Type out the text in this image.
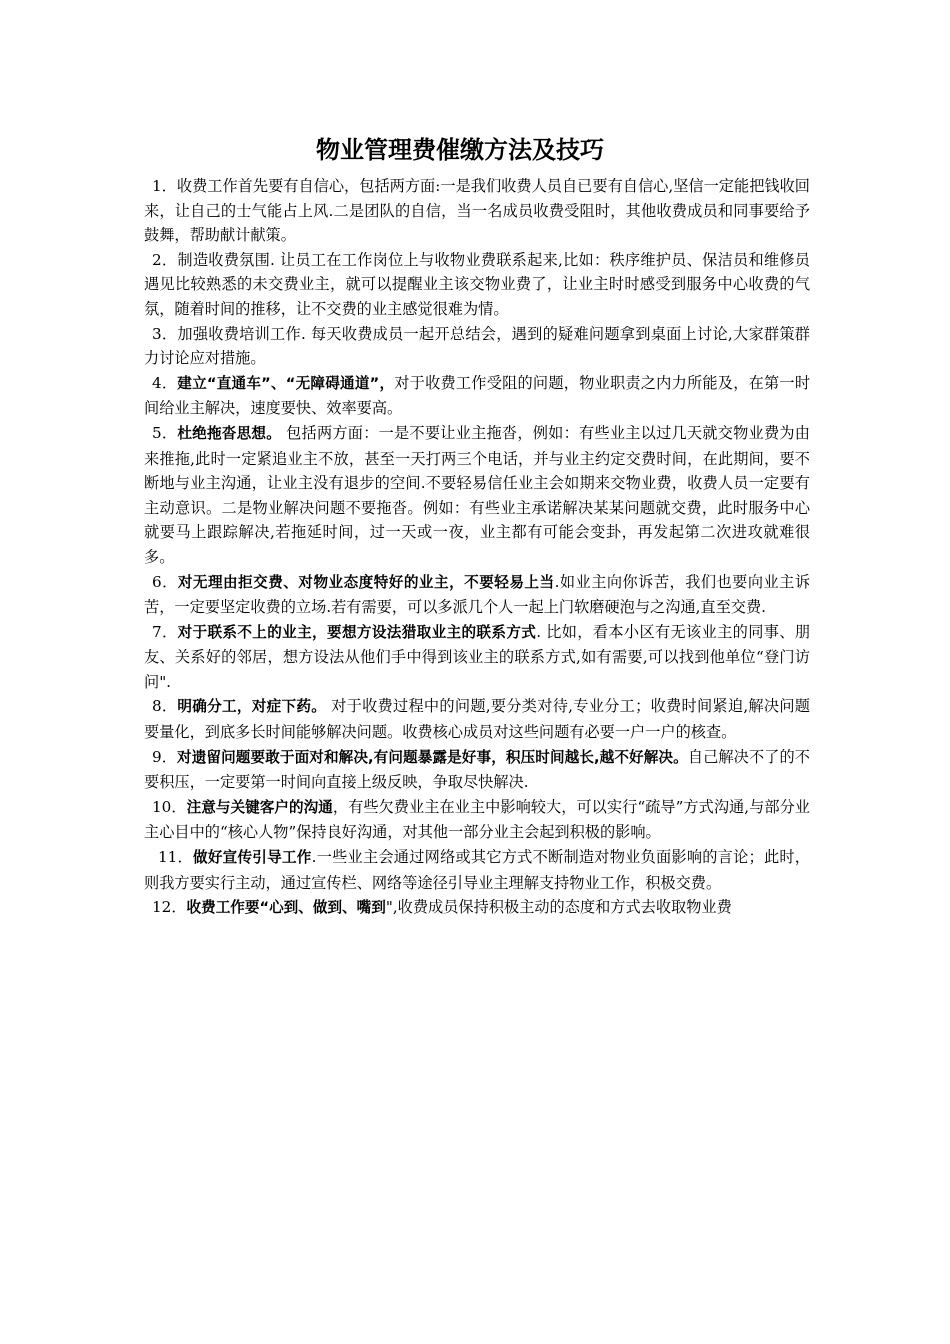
物业管理费催缴方法及技巧

1．收费工作首先要有自信心，包括两方面:一是我们收费人员自已要有自信心,坚信一定能把钱收回来，让自己的士气能占上风.二是团队的自信，当一名成员收费受阻时，其他收费成员和同事要给予鼓舞，帮助献计献策。

2．制造收费氛围. 让员工在工作岗位上与收物业费联系起来,比如：秩序维护员、保洁员和维修员遇见比较熟悉的未交费业主，就可以提醒业主该交物业费了，让业主时时感受到服务中心收费的气氛，随着时间的推移，让不交费的业主感觉很难为情。

3．加强收费培训工作. 每天收费成员一起开总结会，遇到的疑难问题拿到桌面上讨论,大家群策群力讨论应对措施。

4．建立“直通车”、“无障碍通道”，对于收费工作受阻的问题，物业职责之内力所能及，在第一时间给业主解决，速度要快、效率要高。

5．杜绝拖沓思想。 包括两方面：一是不要让业主拖沓，例如：有些业主以过几天就交物业费为由来推拖,此时一定紧追业主不放，甚至一天打两三个电话，并与业主约定交费时间，在此期间，要不断地与业主沟通，让业主没有退步的空间.不要轻易信任业主会如期来交物业费，收费人员一定要有主动意识。二是物业解决问题不要拖沓。例如：有些业主承诺解决某某问题就交费，此时服务中心就要马上跟踪解决,若拖延时间，过一天或一夜，业主都有可能会变卦，再发起第二次进攻就难很多。

6．对无理由拒交费、对物业态度特好的业主，不要轻易上当.如业主向你诉苦，我们也要向业主诉苦，一定要坚定收费的立场.若有需要，可以多派几个人一起上门软磨硬泡与之沟通,直至交费.

7．对于联系不上的业主，要想方设法猎取业主的联系方式. 比如，看本小区有无该业主的同事、朋友、关系好的邻居，想方设法从他们手中得到该业主的联系方式,如有需要,可以找到他单位“登门访问".

8．明确分工，对症下药。 对于收费过程中的问题,要分类对待,专业分工；收费时间紧迫,解决问题要量化，到底多长时间能够解决问题。收费核心成员对这些问题有必要一户一户的核查。

9．对遗留问题要敢于面对和解决,有问题暴露是好事，积压时间越长,越不好解决。自己解决不了的不要积压，一定要第一时间向直接上级反映，争取尽快解决.

10．注意与关键客户的沟通，有些欠费业主在业主中影响较大，可以实行“疏导”方式沟通,与部分业主心目中的“核心人物”保持良好沟通，对其他一部分业主会起到积极的影响。

11．做好宣传引导工作.一些业主会通过网络或其它方式不断制造对物业负面影响的言论；此时，则我方要实行主动，通过宣传栏、网络等途径引导业主理解支持物业工作，积极交费。

12．收费工作要“心到、做到、嘴到",收费成员保持积极主动的态度和方式去收取物业费
